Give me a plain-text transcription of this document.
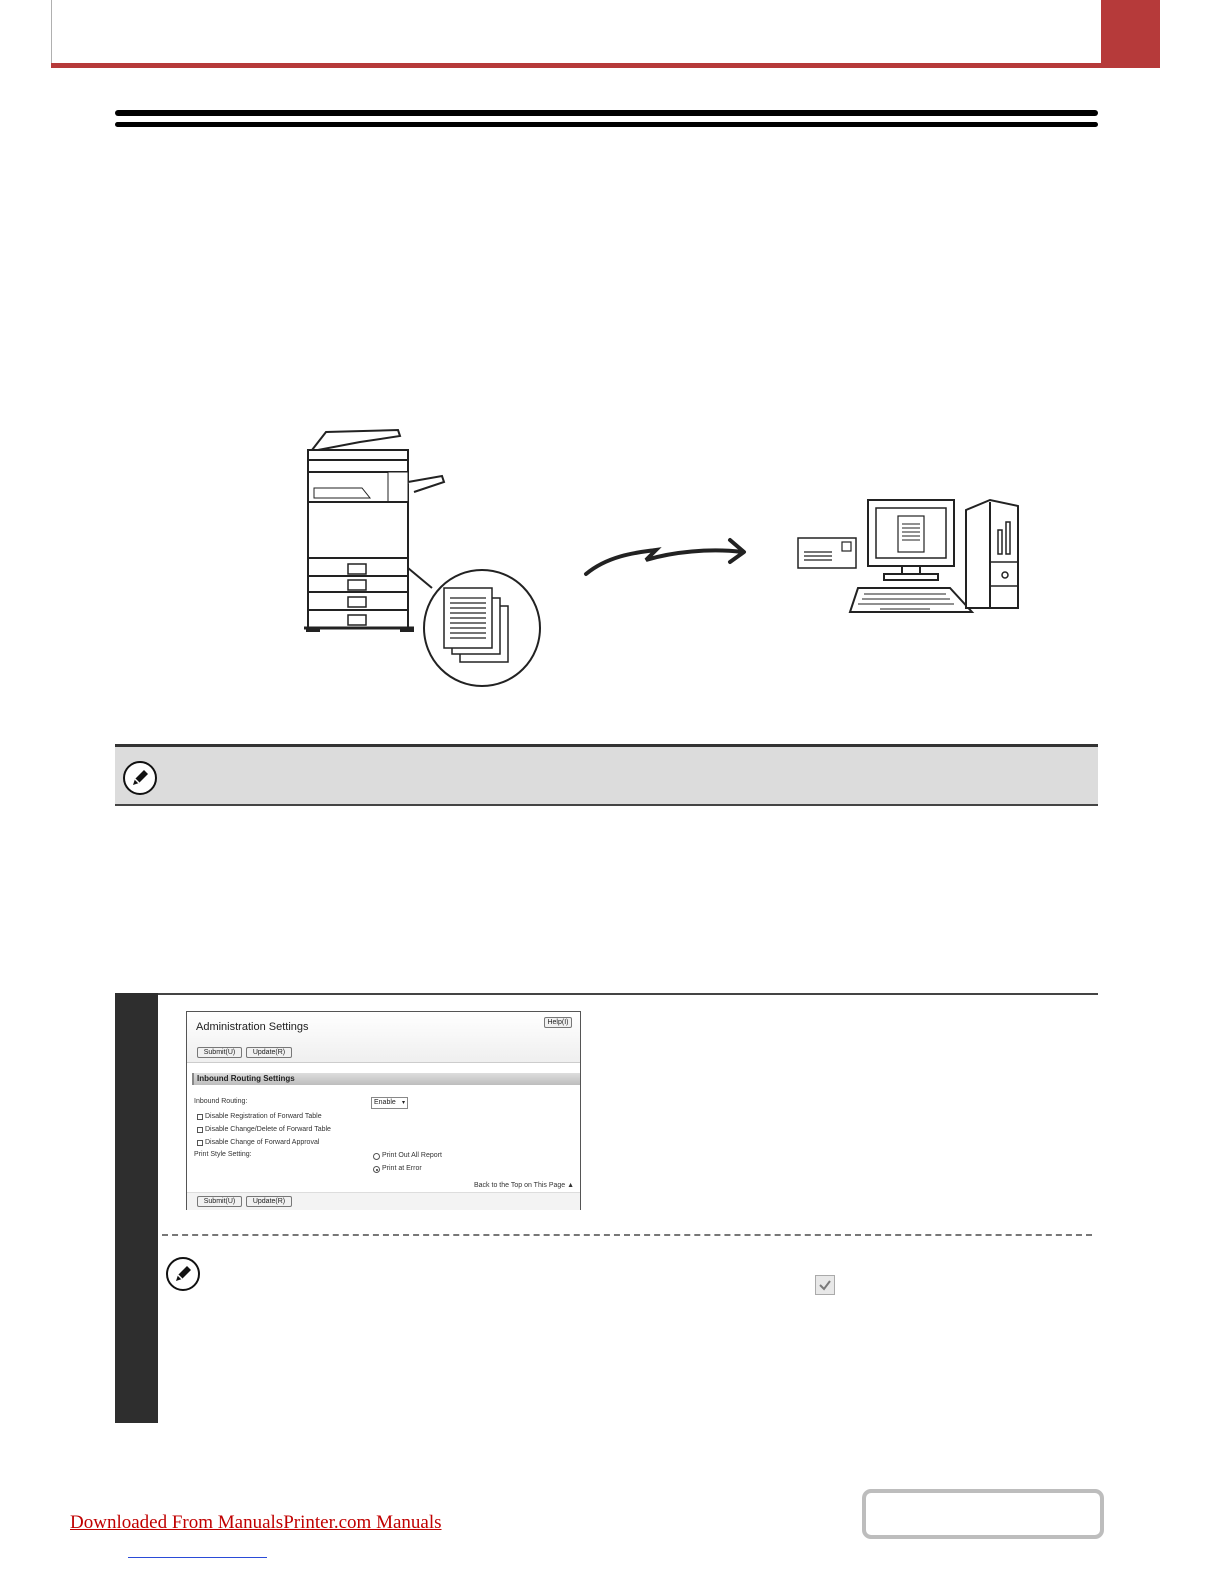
Administration Settings	Help(I)
Submit(U)	Update(R)
Inbound Routing Settings
Inbound Routing:	Enable ▾
Disable Registration of Forward Table
Disable Change/Delete of Forward Table
Disable Change of Forward Approval
Print Style Setting:	Print Out All Report
Print at Error
Back to the Top on This Page ▲
Submit(U)	Update(R)
Downloaded From ManualsPrinter.com Manuals
